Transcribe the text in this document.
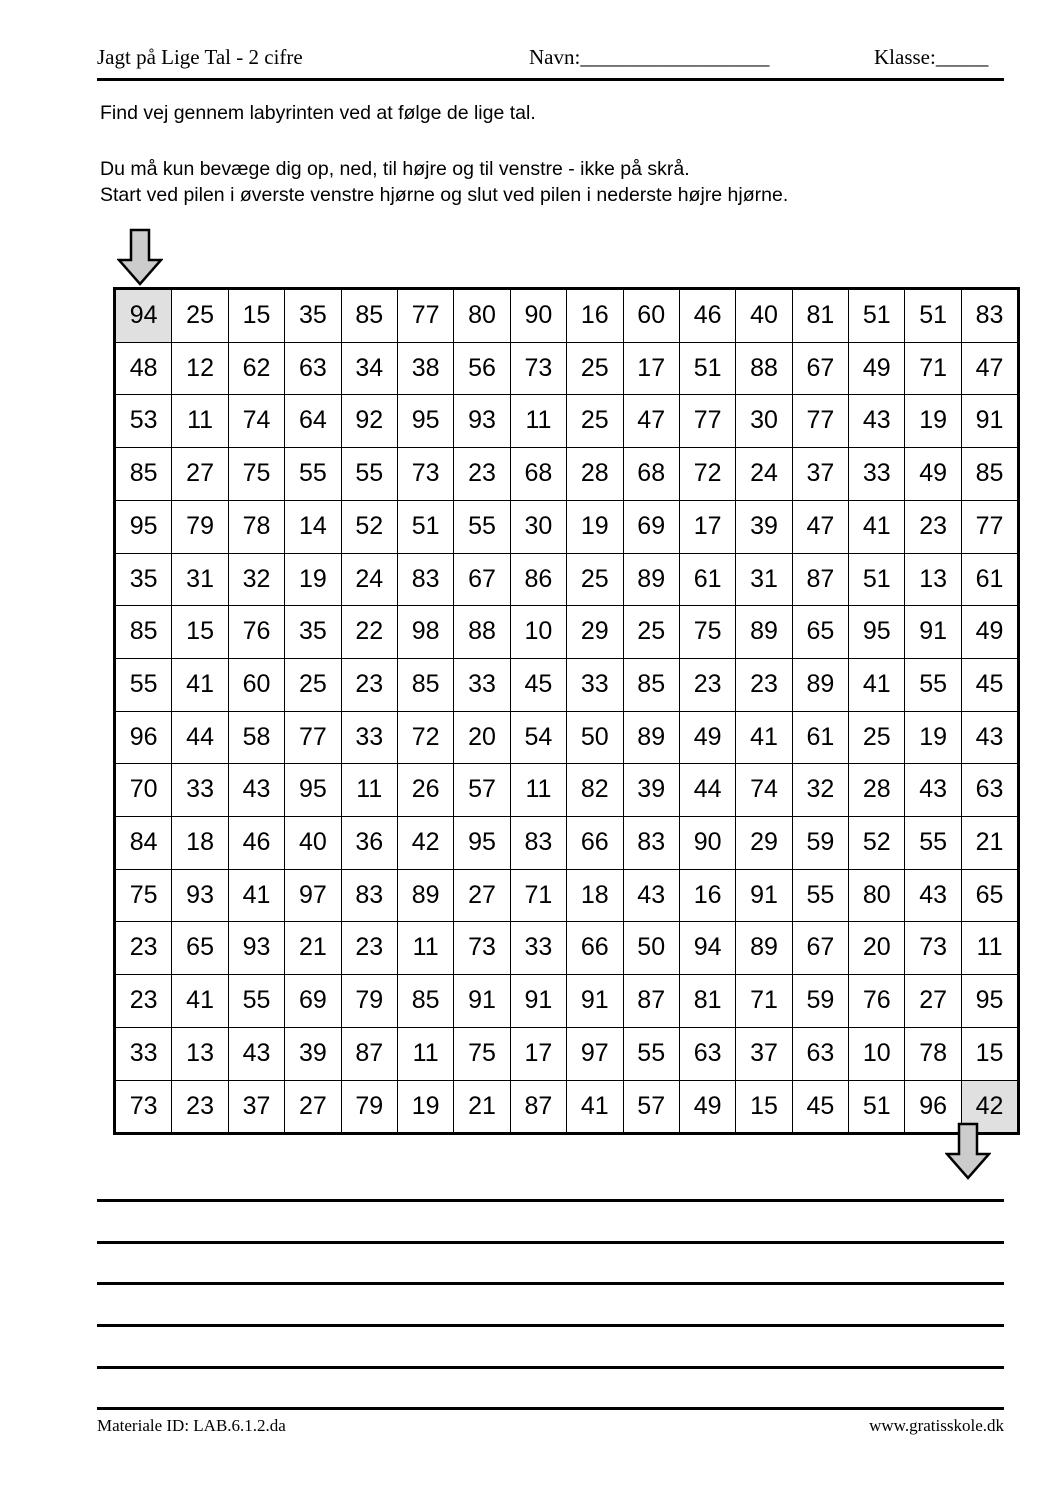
Jagt på Lige Tal - 2 cifre	Navn:__________________	Klasse:_____
Find vej gennem labyrinten ved at følge de lige tal.
Du må kun bevæge dig op, ned, til højre og til venstre - ikke på skrå.
Start ved pilen i øverste venstre hjørne og slut ved pilen i nederste højre hjørne.
94	25	15	35	85	77	80	90	16	60	46	40	81	51	51	83
48	12	62	63	34	38	56	73	25	17	51	88	67	49	71	47
53	11	74	64	92	95	93	11	25	47	77	30	77	43	19	91
85	27	75	55	55	73	23	68	28	68	72	24	37	33	49	85
95	79	78	14	52	51	55	30	19	69	17	39	47	41	23	77
35	31	32	19	24	83	67	86	25	89	61	31	87	51	13	61
85	15	76	35	22	98	88	10	29	25	75	89	65	95	91	49
55	41	60	25	23	85	33	45	33	85	23	23	89	41	55	45
96	44	58	77	33	72	20	54	50	89	49	41	61	25	19	43
70	33	43	95	11	26	57	11	82	39	44	74	32	28	43	63
84	18	46	40	36	42	95	83	66	83	90	29	59	52	55	21
75	93	41	97	83	89	27	71	18	43	16	91	55	80	43	65
23	65	93	21	23	11	73	33	66	50	94	89	67	20	73	11
23	41	55	69	79	85	91	91	91	87	81	71	59	76	27	95
33	13	43	39	87	11	75	17	97	55	63	37	63	10	78	15
73	23	37	27	79	19	21	87	41	57	49	15	45	51	96	42
Materiale ID: LAB.6.1.2.da	www.gratisskole.dk
